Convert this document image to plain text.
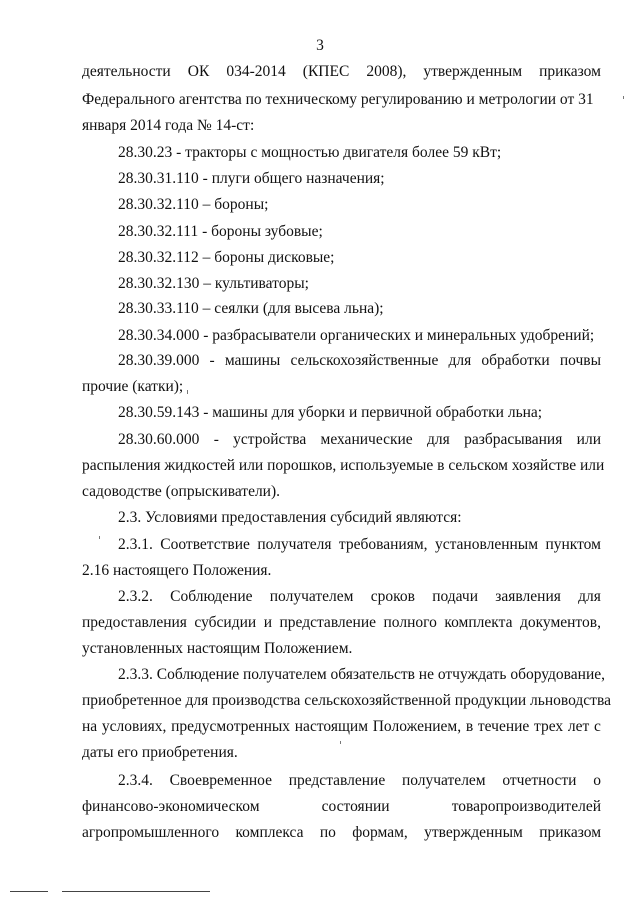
3
деятельности ОК 034-2014 (КПЕС 2008), утвержденным приказом
Федерального агентства по техническому регулированию и метрологии от 31
января 2014 года № 14-ст:
28.30.23 - тракторы с мощностью двигателя более 59 кВт;
28.30.31.110 - плуги общего назначения;
28.30.32.110 – бороны;
28.30.32.111 - бороны зубовые;
28.30.32.112 – бороны дисковые;
28.30.32.130 – культиваторы;
28.30.33.110 – сеялки (для высева льна);
28.30.34.000 - разбрасыватели органических и минеральных удобрений;
28.30.39.000 - машины сельскохозяйственные для обработки почвы
прочие (катки);
28.30.59.143 - машины для уборки и первичной обработки льна;
28.30.60.000 - устройства механические для разбрасывания или
распыления жидкостей или порошков, используемые в сельском хозяйстве или
садоводстве (опрыскиватели).
2.3. Условиями предоставления субсидий являются:
2.3.1. Соответствие получателя требованиям, установленным пунктом
2.16 настоящего Положения.
2.3.2. Соблюдение получателем сроков подачи заявления для
предоставления субсидии и представление полного комплекта документов,
установленных настоящим Положением.
2.3.3. Соблюдение получателем обязательств не отчуждать оборудование,
приобретенное для производства сельскохозяйственной продукции льноводства
на условиях, предусмотренных настоящим Положением, в течение трех лет с
даты его приобретения.
2.3.4. Своевременное представление получателем отчетности о
финансово-экономическом	состоянии	товаропроизводителей
агропромышленного комплекса по формам, утвержденным приказом
